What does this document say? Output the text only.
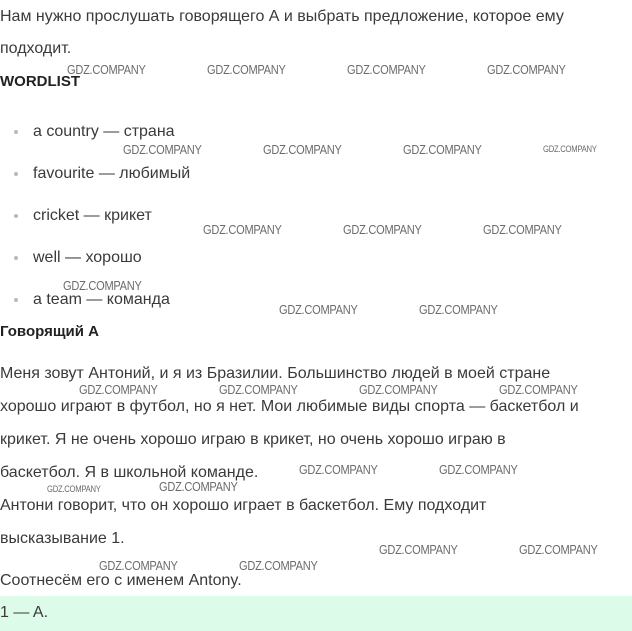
Нам нужно прослушать говорящего А и выбрать предложение, которое ему
подходит.
WORDLIST
a country — страна
favourite — любимый
cricket — крикет
well — хорошо
a team — команда
Говорящий А
Меня зовут Антоний, и я из Бразилии. Большинство людей в моей стране
хорошо играют в футбол, но я нет. Мои любимые виды спорта — баскетбол и
крикет. Я не очень хорошо играю в крикет, но очень хорошо играю в
баскетбол. Я в школьной команде.
Антони говорит, что он хорошо играет в баскетбол. Ему подходит
высказывание 1.
Соотнесём его с именем Antony.
1 — A.
GDZ.COMPANY	GDZ.COMPANY	GDZ.COMPANY	GDZ.COMPANY
GDZ.COMPANY	GDZ.COMPANY	GDZ.COMPANY	GDZ.COMPANY
GDZ.COMPANY	GDZ.COMPANY	GDZ.COMPANY
GDZ.COMPANY
GDZ.COMPANY	GDZ.COMPANY
GDZ.COMPANY	GDZ.COMPANY	GDZ.COMPANY	GDZ.COMPANY
GDZ.COMPANY	GDZ.COMPANY
GDZ.COMPANY	GDZ.COMPANY
GDZ.COMPANY	GDZ.COMPANY
GDZ.COMPANY	GDZ.COMPANY
